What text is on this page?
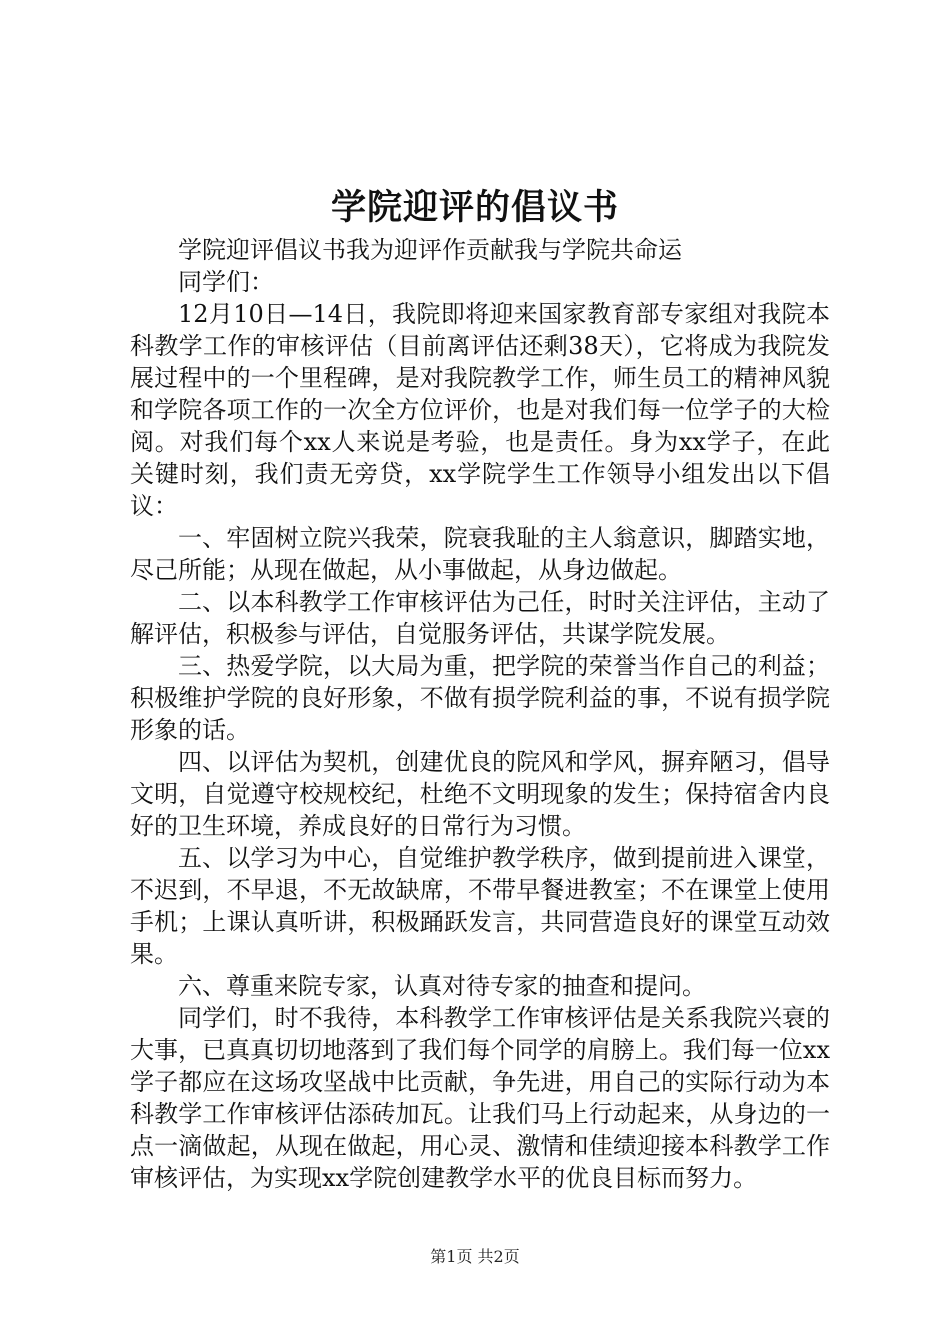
学院迎评的倡议书

学院迎评倡议书我为迎评作贡献我与学院共命运

同学们：

12月10日—14日，我院即将迎来国家教育部专家组对我院本科教学工作的审核评估（目前离评估还剩38天），它将成为我院发展过程中的一个里程碑，是对我院教学工作，师生员工的精神风貌和学院各项工作的一次全方位评价，也是对我们每一位学子的大检阅。对我们每个xx人来说是考验，也是责任。身为xx学子，在此关键时刻，我们责无旁贷，xx学院学生工作领导小组发出以下倡议：

一、牢固树立院兴我荣，院衰我耻的主人翁意识，脚踏实地，尽己所能；从现在做起，从小事做起，从身边做起。

二、以本科教学工作审核评估为己任，时时关注评估，主动了解评估，积极参与评估，自觉服务评估，共谋学院发展。

三、热爱学院，以大局为重，把学院的荣誉当作自己的利益；积极维护学院的良好形象，不做有损学院利益的事，不说有损学院形象的话。

四、以评估为契机，创建优良的院风和学风，摒弃陋习，倡导文明，自觉遵守校规校纪，杜绝不文明现象的发生；保持宿舍内良好的卫生环境，养成良好的日常行为习惯。

五、以学习为中心，自觉维护教学秩序，做到提前进入课堂，不迟到，不早退，不无故缺席，不带早餐进教室；不在课堂上使用手机；上课认真听讲，积极踊跃发言，共同营造良好的课堂互动效果。

六、尊重来院专家，认真对待专家的抽查和提问。

同学们，时不我待，本科教学工作审核评估是关系我院兴衰的大事，已真真切切地落到了我们每个同学的肩膀上。我们每一位xx学子都应在这场攻坚战中比贡献，争先进，用自己的实际行动为本科教学工作审核评估添砖加瓦。让我们马上行动起来，从身边的一点一滴做起，从现在做起，用心灵、激情和佳绩迎接本科教学工作审核评估，为实现xx学院创建教学水平的优良目标而努力。

第1页 共2页
